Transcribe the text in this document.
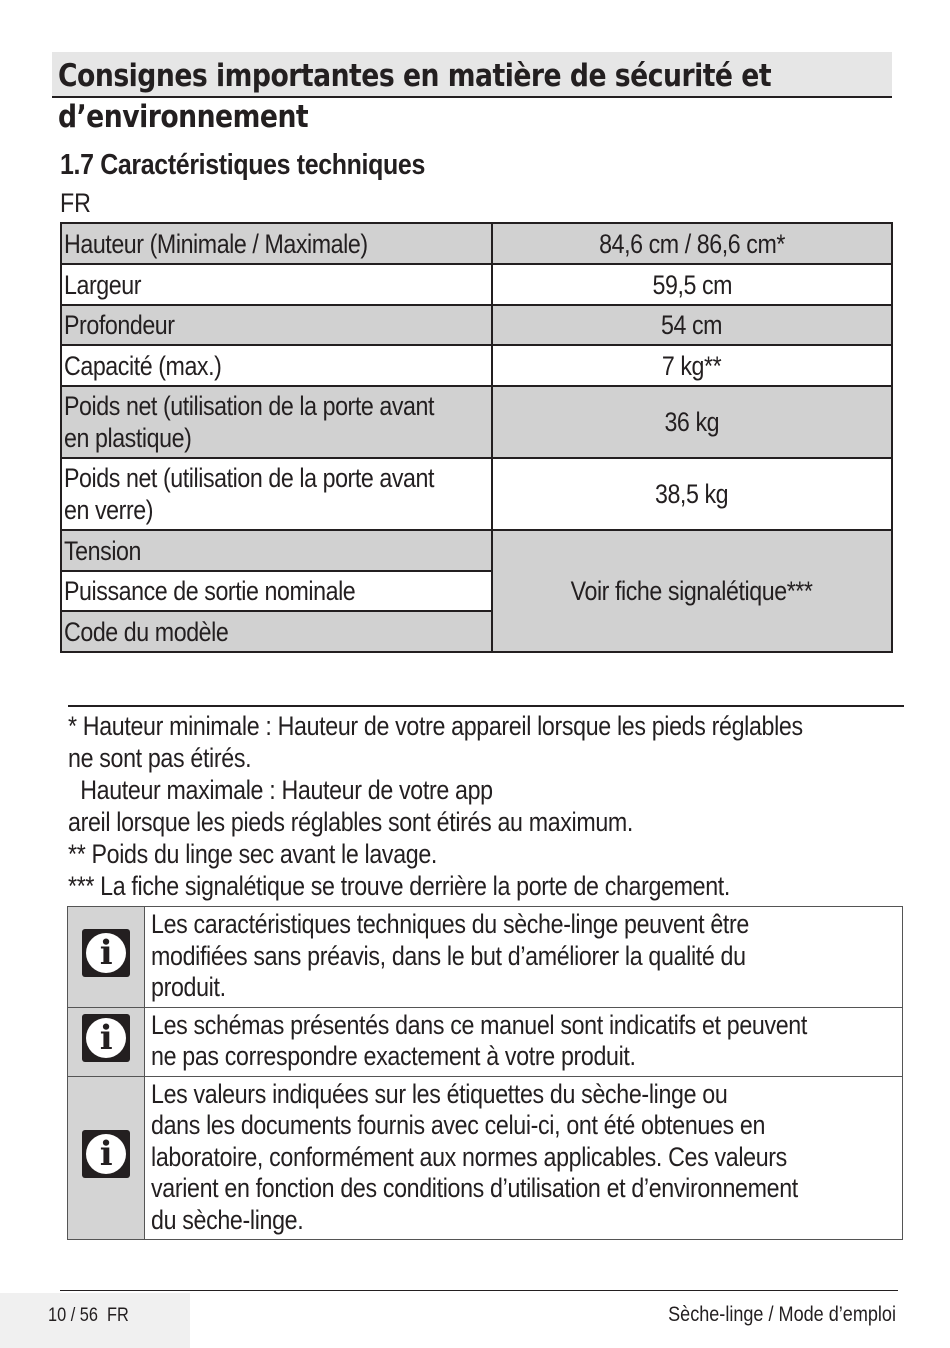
Consignes importantes en matière de sécurité et
d’environnement
1.7 Caractéristiques techniques
FR
Hauteur (Minimale / Maximale)	84,6 cm / 86,6 cm*
Largeur	59,5 cm
Profondeur	54 cm
Capacité (max.)	7 kg**
Poids net (utilisation de la porte avant
en plastique)	36 kg
Poids net (utilisation de la porte avant
en verre)	38,5 kg
Tension	Voir fiche signalétique***
Puissance de sortie nominale	
Code du modèle	
* Hauteur minimale : Hauteur de votre appareil lorsque les pieds réglables
ne sont pas étirés.
Hauteur maximale : Hauteur de votre app
areil lorsque les pieds réglables sont étirés au maximum.
** Poids du linge sec avant le lavage.
*** La fiche signalétique se trouve derrière la porte de chargement.
i	Les caractéristiques techniques du sèche-linge peuvent être
modifiées sans préavis, dans le but d’améliorer la qualité du
produit.

i	Les schémas présentés dans ce manuel sont indicatifs et peuvent
ne pas correspondre exactement à votre produit.

i	Les valeurs indiquées sur les étiquettes du sèche-linge ou
dans les documents fournis avec celui-ci, ont été obtenues en
laboratoire, conformément aux normes applicables. Ces valeurs
varient en fonction des conditions d’utilisation et d’environnement
du sèche-linge.
10 / 56  FR	Sèche-linge / Mode d’emploi
